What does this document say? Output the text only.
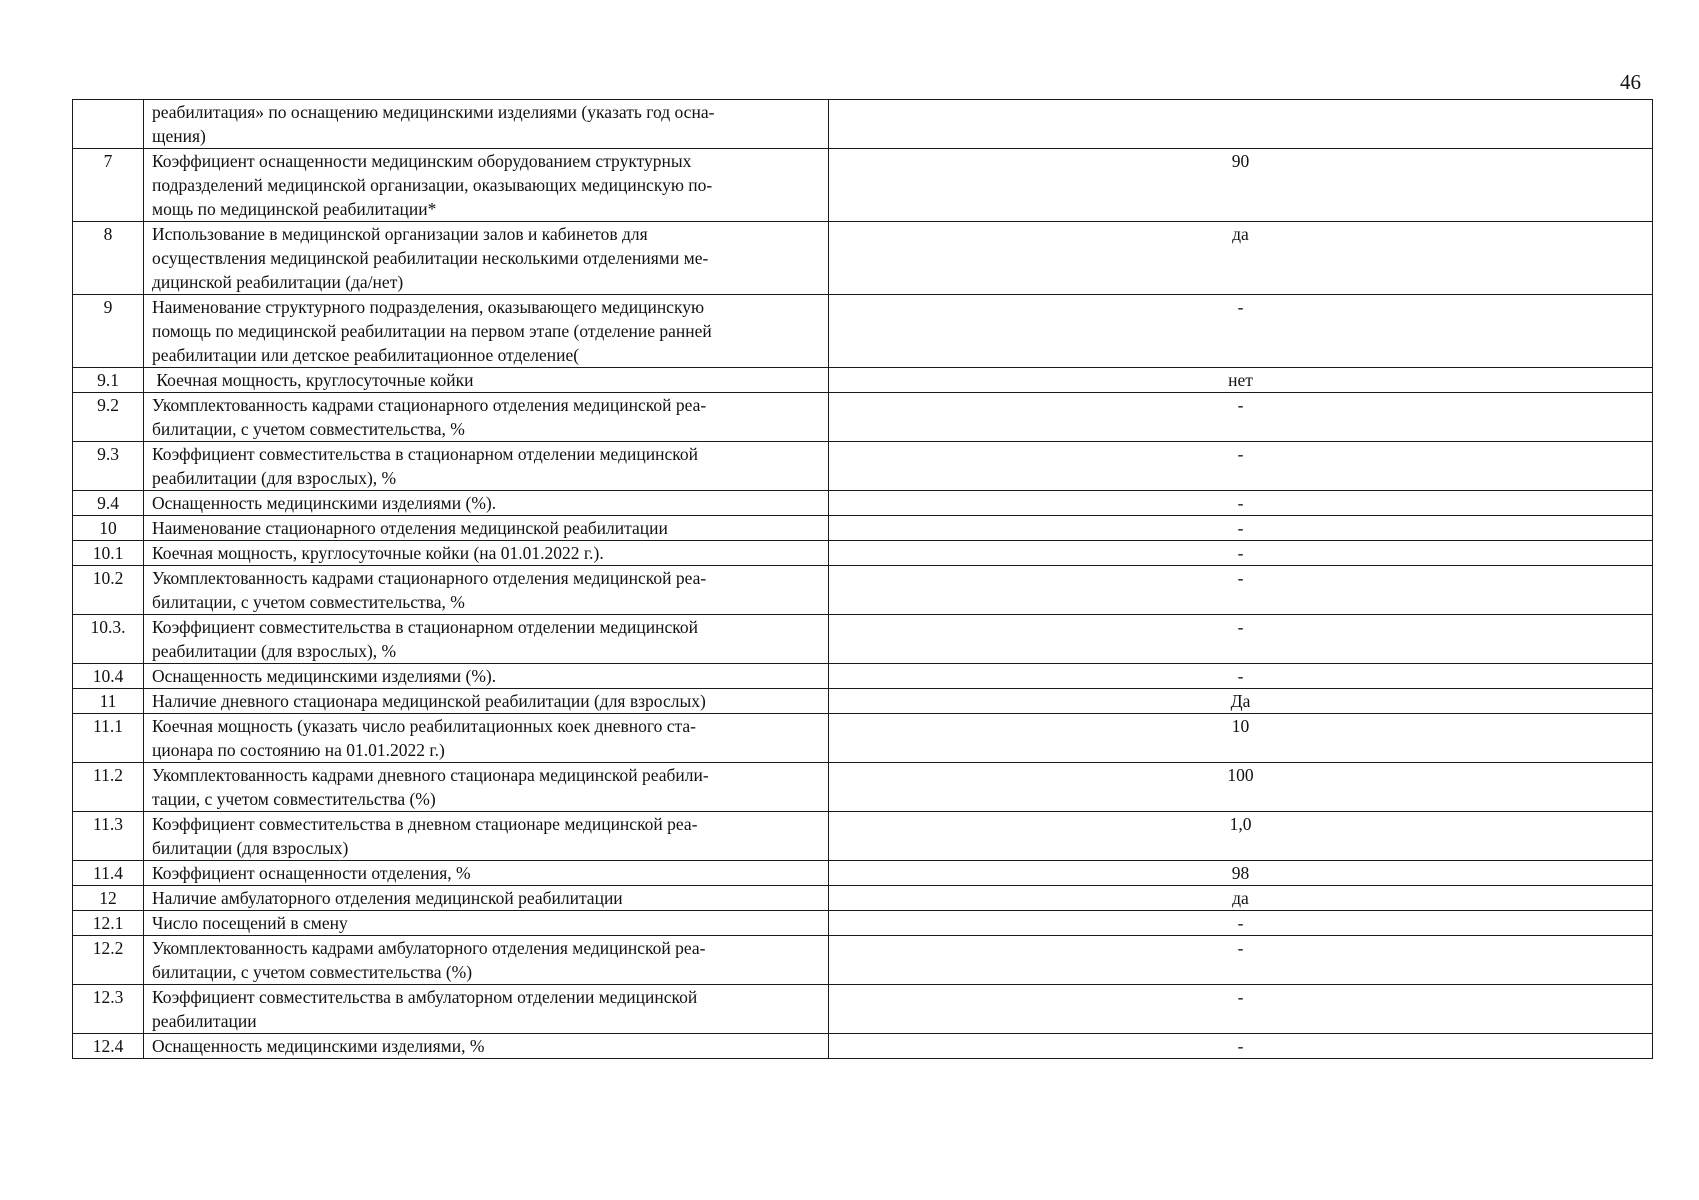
46

	реабилитация» по оснащению медицинскими изделиями (указать год осна-
щения)	

7	Коэффициент оснащенности медицинским оборудованием структурных
подразделений медицинской организации, оказывающих медицинскую по-
мощь по медицинской реабилитации*	90
8	Использование в медицинской организации залов и кабинетов для
осуществления медицинской реабилитации несколькими отделениями ме-
дицинской реабилитации (да/нет)	да
9	Наименование структурного подразделения, оказывающего медицинскую
помощь по медицинской реабилитации на первом этапе (отделение ранней
реабилитации или детское реабилитационное отделение(	-
9.1	Коечная мощность, круглосуточные койки	нет
9.2	Укомплектованность кадрами стационарного отделения медицинской реа-
билитации, с учетом совместительства, %	-
9.3	Коэффициент совместительства в стационарном отделении медицинской
реабилитации (для взрослых), %	-
9.4	Оснащенность медицинскими изделиями (%).	-
10	Наименование стационарного отделения медицинской реабилитации	-
10.1	Коечная мощность, круглосуточные койки (на 01.01.2022 г.).	-
10.2	Укомплектованность кадрами стационарного отделения медицинской реа-
билитации, с учетом совместительства, %	-
10.3.	Коэффициент совместительства в стационарном отделении медицинской
реабилитации (для взрослых), %	-
10.4	Оснащенность медицинскими изделиями (%).	-
11	Наличие дневного стационара медицинской реабилитации (для взрослых)	Да
11.1	Коечная мощность (указать число реабилитационных коек дневного ста-
ционара по состоянию на 01.01.2022 г.)	10
11.2	Укомплектованность кадрами дневного стационара медицинской реабили-
тации, с учетом совместительства (%)	100
11.3	Коэффициент совместительства в дневном стационаре медицинской реа-
билитации (для взрослых)	1,0
11.4	Коэффициент оснащенности отделения, %	98
12	Наличие амбулаторного отделения медицинской реабилитации	да
12.1	Число посещений в смену	-
12.2	Укомплектованность кадрами амбулаторного отделения медицинской реа-
билитации, с учетом совместительства (%)	-
12.3	Коэффициент совместительства в амбулаторном отделении медицинской
реабилитации	-
12.4	Оснащенность медицинскими изделиями, %	-
